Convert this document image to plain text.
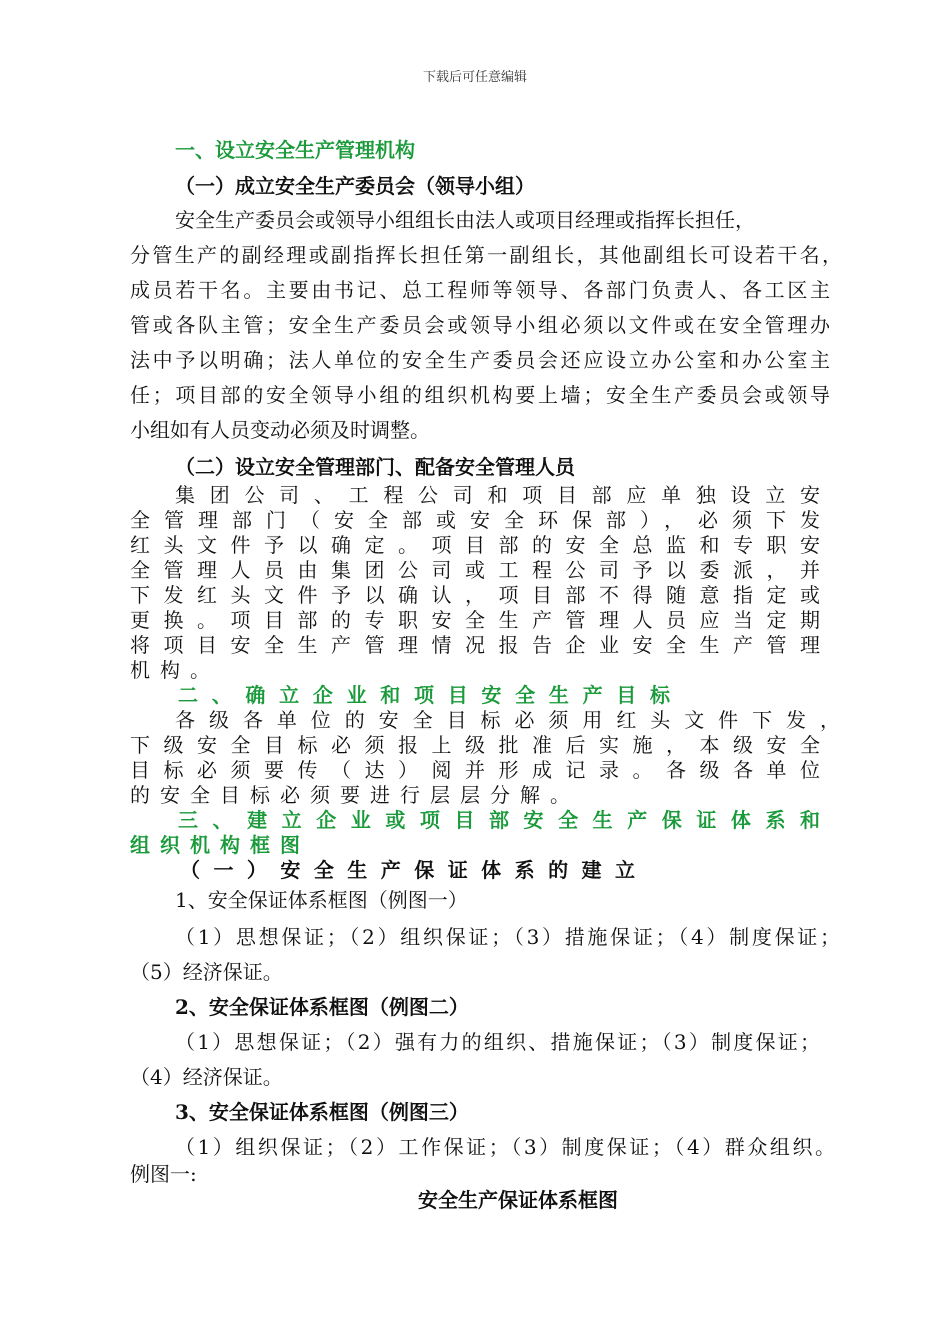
下载后可任意编辑
一、设立安全生产管理机构
（一）成立安全生产委员会（领导小组）
安全生产委员会或领导小组组长由法人或项目经理或指挥长担任，
分管生产的副经理或副指挥长担任第一副组长，其他副组长可设若干名，
成员若干名。主要由书记、总工程师等领导、各部门负责人、各工区主
管或各队主管；安全生产委员会或领导小组必须以文件或在安全管理办
法中予以明确；法人单位的安全生产委员会还应设立办公室和办公室主
任；项目部的安全领导小组的组织机构要上墙；安全生产委员会或领导
小组如有人员变动必须及时调整。
（二）设立安全管理部门、配备安全管理人员
集团公司、工程公司和项目部应单独设立安
全管理部门（安全部或安全环保部），必须下发
红头文件予以确定。项目部的安全总监和专职安
全管理人员由集团公司或工程公司予以委派，并
下发红头文件予以确认，项目部不得随意指定或
更换。项目部的专职安全生产管理人员应当定期
将项目安全生产管理情况报告企业安全生产管理
机构。
二、确立企业和项目安全生产目标
各级各单位的安全目标必须用红头文件下发，
下级安全目标必须报上级批准后实施，本级安全
目标必须要传（达）阅并形成记录。各级各单位
的安全目标必须要进行层层分解。
三、建立企业或项目部安全生产保证体系和
组织机构框图
（一）安全生产保证体系的建立
1、安全保证体系框图（例图一）
（1）思想保证；（2）组织保证；（3）措施保证；（4）制度保证；
（5）经济保证。
2、安全保证体系框图（例图二）
（1）思想保证；（2）强有力的组织、措施保证；（3）制度保证；
（4）经济保证。
3、安全保证体系框图（例图三）
（1）组织保证；（2）工作保证；（3）制度保证；（4）群众组织。
例图一:
安全生产保证体系框图
